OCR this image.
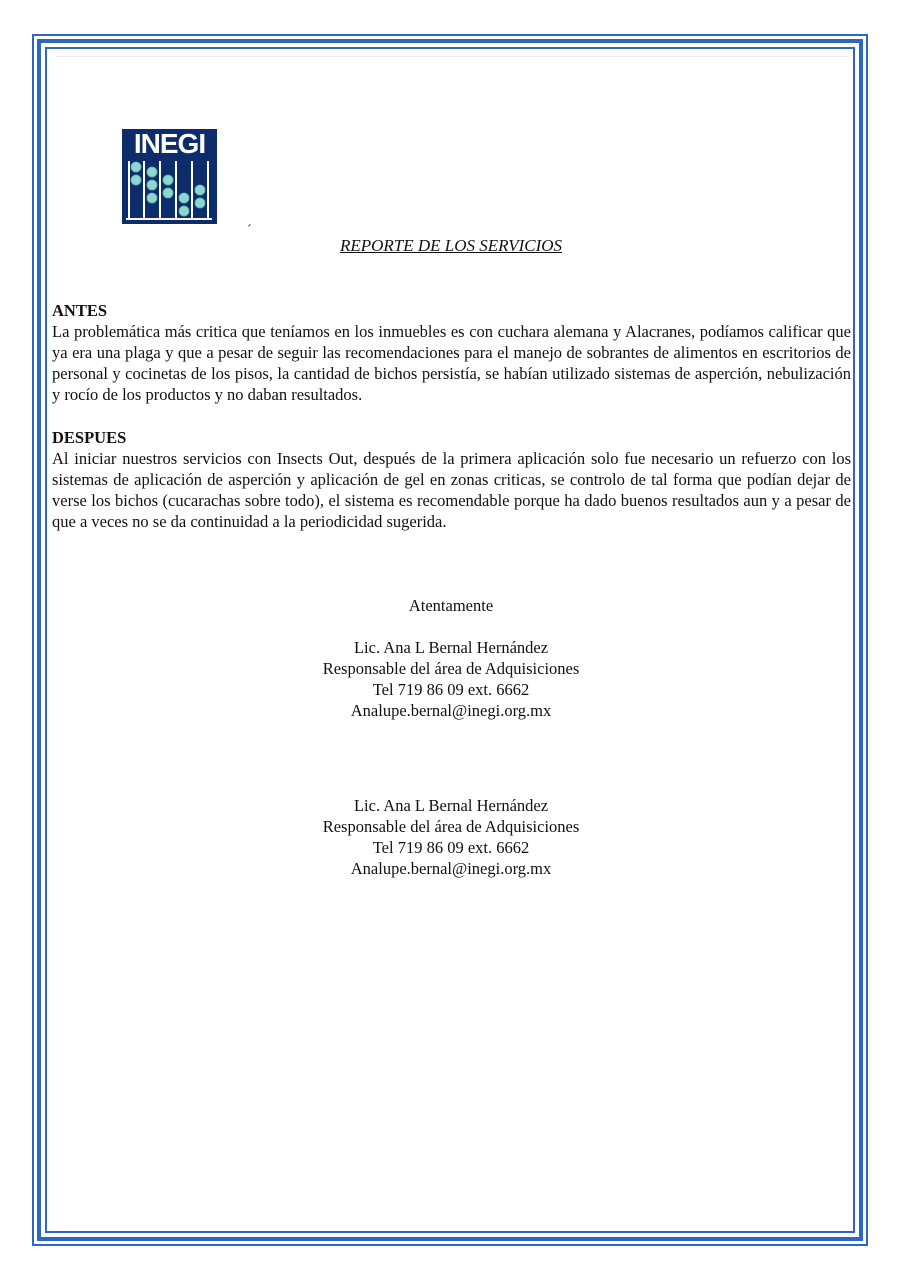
INEGI
´
REPORTE DE LOS SERVICIOS
ANTES
La problemática más critica que teníamos en los inmuebles es con cuchara alemana y Alacranes, podíamos calificar que ya era una plaga y que a pesar de seguir las recomendaciones para el manejo de sobrantes de alimentos en escritorios de personal y cocinetas de los pisos, la cantidad de bichos persistía, se habían utilizado sistemas de asperción, nebulización y rocío de los productos y no daban resultados.
DESPUES
Al iniciar nuestros servicios con Insects Out, después de la primera aplicación solo fue necesario un refuerzo con los sistemas de aplicación de asperción y aplicación de gel en zonas criticas, se controlo de tal forma que podían dejar de verse los bichos (cucarachas sobre todo), el sistema es recomendable porque ha dado buenos resultados aun y a pesar de que a veces no se da continuidad a la periodicidad sugerida.
Atentamente
Lic. Ana L Bernal Hernández
Responsable del área de Adquisiciones
Tel 719 86 09 ext. 6662
Analupe.bernal@inegi.org.mx
Lic. Ana L Bernal Hernández
Responsable del área de Adquisiciones
Tel 719 86 09 ext. 6662
Analupe.bernal@inegi.org.mx
